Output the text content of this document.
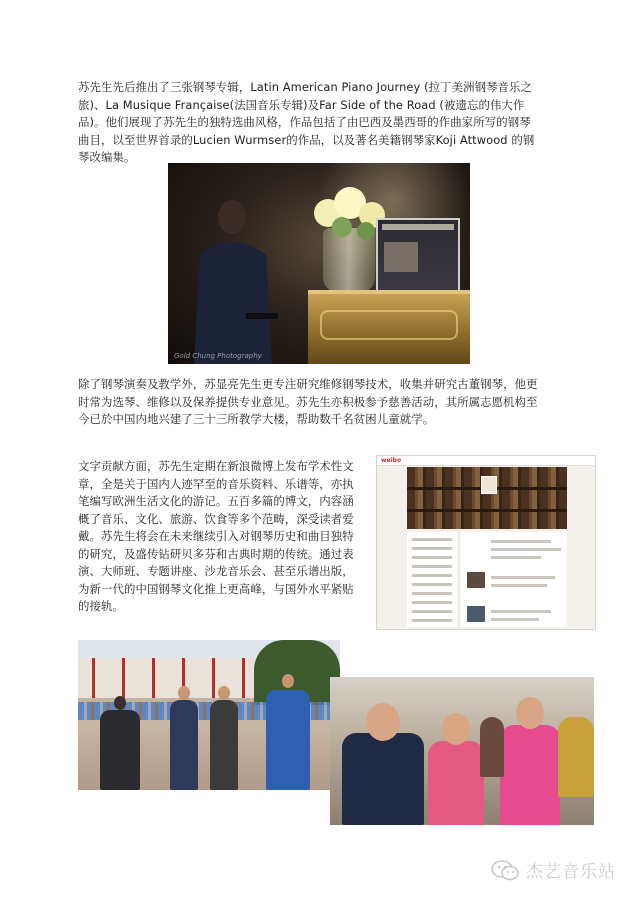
苏先生先后推出了三张钢琴专辑，Latin American Piano Journey (拉丁美洲钢琴音乐之旅)、La Musique Française(法国音乐专辑)及Far Side of the Road (被遗忘的伟大作品)。他们展现了苏先生的独特选曲风格，作品包括了由巴西及墨西哥的作曲家所写的钢琴曲目，以至世界首录的Lucien Wurmser的作品，以及著名美籍钢琴家Koji Attwood 的钢琴改编集。
Gold Chung Photography
除了钢琴演奏及教学外，苏显亮先生更专注研究维修钢琴技术，收集并研究古董钢琴，他更时常为选琴、维修以及保养提供专业意见。苏先生亦积极参予慈善活动，其所属志愿机构至今已於中国内地兴建了三十三所教学大楼，帮助数千名贫困儿童就学。
文字贡献方面，苏先生定期在新浪微博上发布学术性文章，全是关于国内人迹罕至的音乐资料、乐谱等，亦执笔编写欧洲生活文化的游记。五百多篇的博文，内容涵概了音乐、文化、旅游、饮食等多个范畴，深受读者爱戴。苏先生将会在未来继续引入对钢琴历史和曲目独特的研究，及盛传钻研贝多芬和古典时期的传统。通过表演、大师班、专题讲座、沙龙音乐会、甚至乐谱出版，为新一代的中国钢琴文化推上更高峰，与国外水平紧贴的接轨。
weibo
杰艺音乐站
